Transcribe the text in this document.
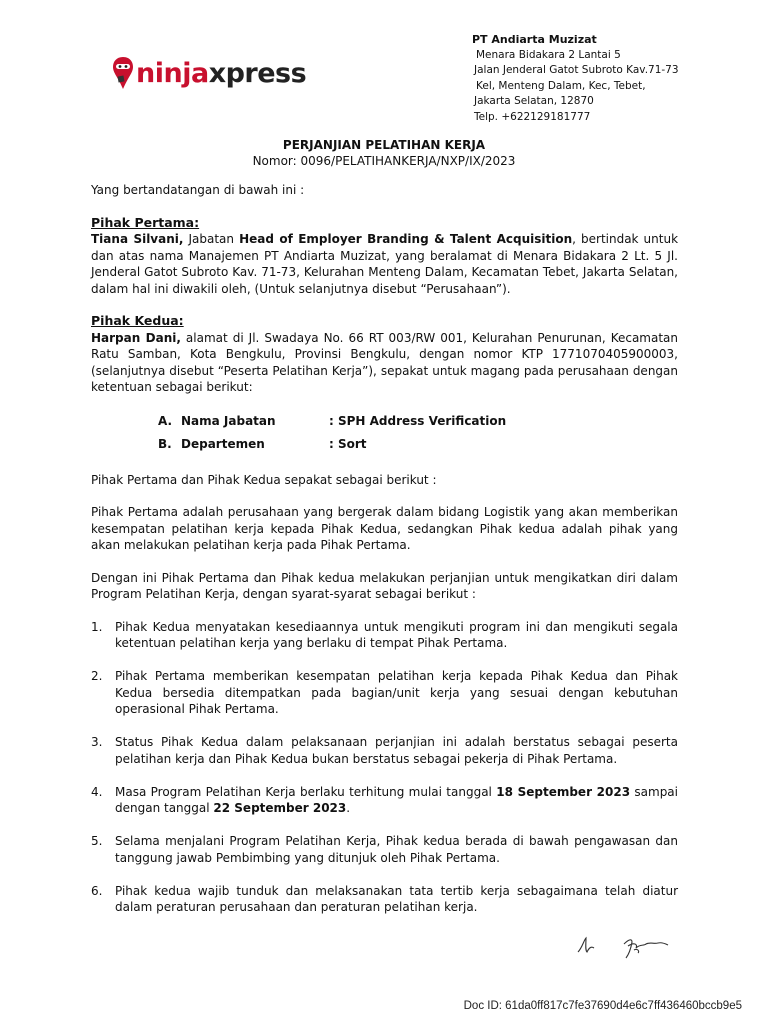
ninjaxpress
PT Andiarta Muzizat
Menara Bidakara 2 Lantai 5
Jalan Jenderal Gatot Subroto Kav.71-73
Kel, Menteng Dalam, Kec, Tebet,
Jakarta Selatan, 12870
Telp. +622129181777
PERJANJIAN PELATIHAN KERJA
Nomor: 0096/PELATIHANKERJA/NXP/IX/2023

Yang bertandatangan di bawah ini :

Pihak Pertama:

Tiana Silvani, Jabatan Head of Employer Branding & Talent Acquisition, bertindak untuk dan atas nama Manajemen PT Andiarta Muzizat, yang beralamat di Menara Bidakara 2 Lt. 5 Jl. Jenderal Gatot Subroto Kav. 71-73, Kelurahan Menteng Dalam, Kecamatan Tebet, Jakarta Selatan, dalam hal ini diwakili oleh, (Untuk selanjutnya disebut “Perusahaan”).

Pihak Kedua:

Harpan Dani, alamat di Jl. Swadaya No. 66 RT 003/RW 001, Kelurahan Penurunan, Kecamatan Ratu Samban, Kota Bengkulu, Provinsi Bengkulu, dengan nomor KTP 1771070405900003, (selanjutnya disebut “Peserta Pelatihan Kerja”), sepakat untuk magang pada perusahaan dengan ketentuan sebagai berikut:

A. Nama Jabatan	: SPH Address Verification
B. Departemen	: Sort

Pihak Pertama dan Pihak Kedua sepakat sebagai berikut :

Pihak Pertama adalah perusahaan yang bergerak dalam bidang Logistik yang akan memberikan kesempatan pelatihan kerja kepada Pihak Kedua, sedangkan Pihak kedua adalah pihak yang akan melakukan pelatihan kerja pada Pihak Pertama.

Dengan ini Pihak Pertama dan Pihak kedua melakukan perjanjian untuk mengikatkan diri dalam Program Pelatihan Kerja, dengan syarat-syarat sebagai berikut :

1.	Pihak Kedua menyatakan kesediaannya untuk mengikuti program ini dan mengikuti segala ketentuan pelatihan kerja yang berlaku di tempat Pihak Pertama.
2.	Pihak Pertama memberikan kesempatan pelatihan kerja kepada Pihak Kedua dan Pihak Kedua bersedia ditempatkan pada bagian/unit kerja yang sesuai dengan kebutuhan operasional Pihak Pertama.
3.	Status Pihak Kedua dalam pelaksanaan perjanjian ini adalah berstatus sebagai peserta pelatihan kerja dan Pihak Kedua bukan berstatus sebagai pekerja di Pihak Pertama.
4.	Masa Program Pelatihan Kerja berlaku terhitung mulai tanggal 18 September 2023 sampai dengan tanggal 22 September 2023.
5.	Selama menjalani Program Pelatihan Kerja, Pihak kedua berada di bawah pengawasan dan tanggung jawab Pembimbing yang ditunjuk oleh Pihak Pertama.
6.	Pihak kedua wajib tunduk dan melaksanakan tata tertib kerja sebagaimana telah diatur dalam peraturan perusahaan dan peraturan pelatihan kerja.
Doc ID: 61da0ff817c7fe37690d4e6c7ff436460bccb9e5
